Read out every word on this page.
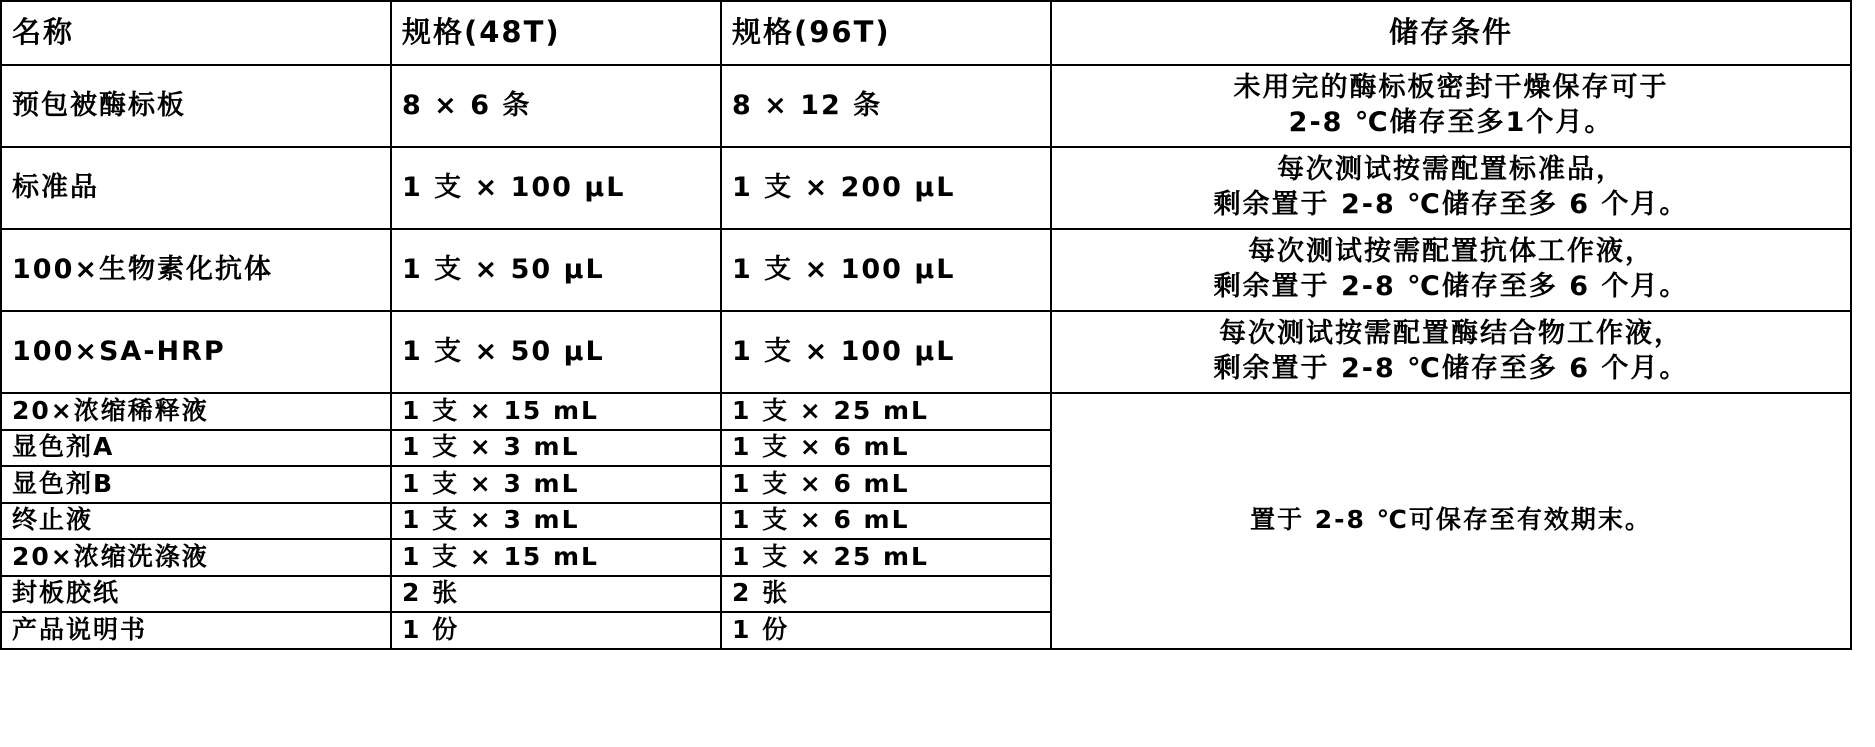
名称	规格(48T)	规格(96T)	储存条件
预包被酶标板	8 × 6 条	8 × 12 条	未用完的酶标板密封干燥保存可于
2-8 ℃储存至多1个月。

标准品	1 支 × 100 μL	1 支 × 200 μL	每次测试按需配置标准品，
剩余置于 2-8 ℃储存至多 6 个月。

100×生物素化抗体	1 支 × 50 μL	1 支 × 100 μL	每次测试按需配置抗体工作液，
剩余置于 2-8 ℃储存至多 6 个月。

100×SA-HRP	1 支 × 50 μL	1 支 × 100 μL	每次测试按需配置酶结合物工作液，
剩余置于 2-8 ℃储存至多 6 个月。

20×浓缩稀释液	1 支 × 15 mL	1 支 × 25 mL	置于 2-8 ℃可保存至有效期末。
显色剂A	1 支 × 3 mL	1 支 × 6 mL	
显色剂B	1 支 × 3 mL	1 支 × 6 mL	
终止液	1 支 × 3 mL	1 支 × 6 mL	
20×浓缩洗涤液	1 支 × 15 mL	1 支 × 25 mL	
封板胶纸	2 张	2 张	
产品说明书	1 份	1 份	
